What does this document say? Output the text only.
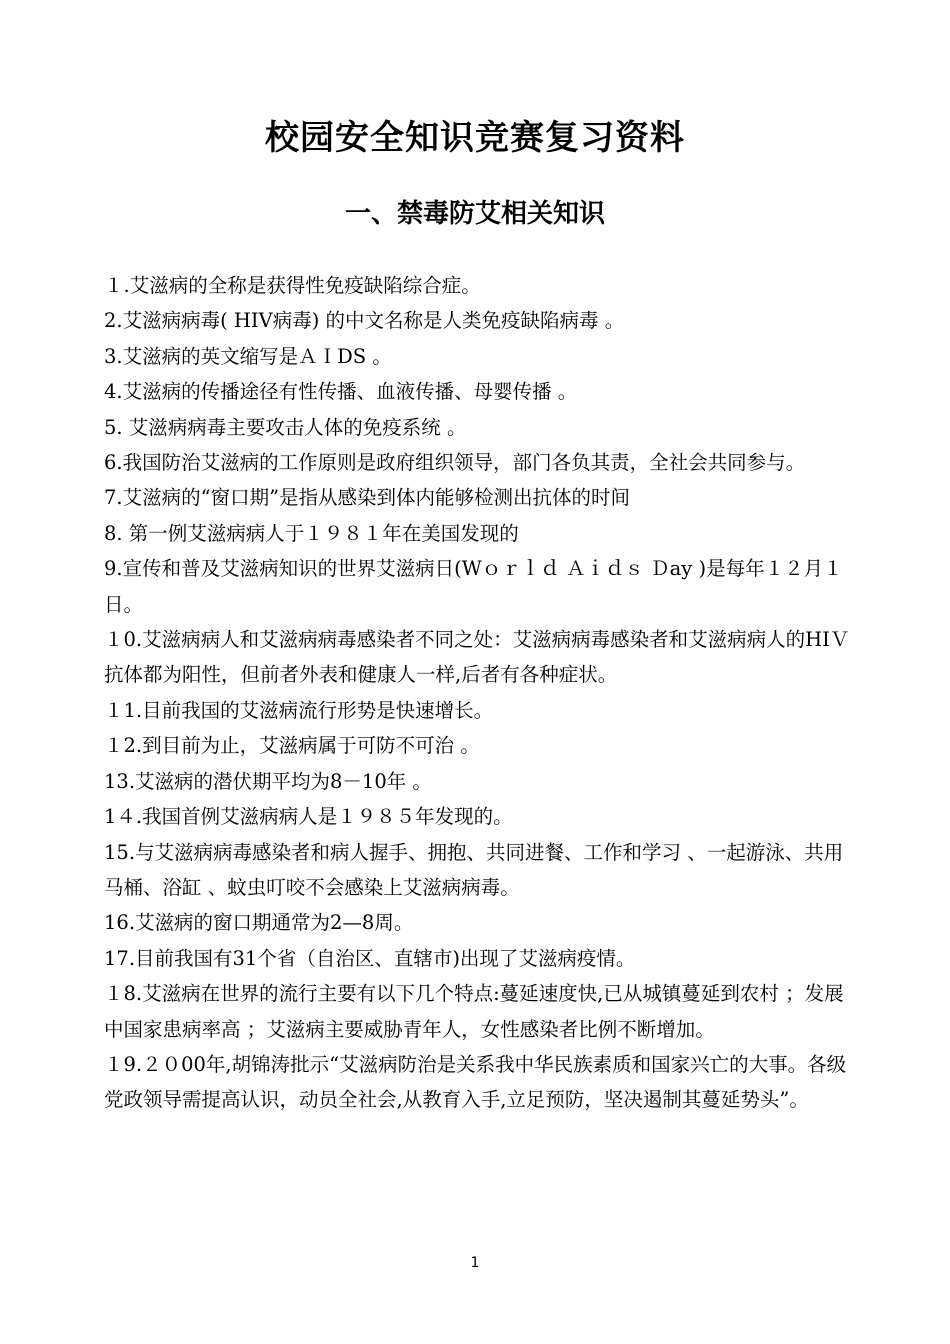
校园安全知识竞赛复习资料
一、禁毒防艾相关知识
１.艾滋病的全称是获得性免疫缺陷综合症。
2.艾滋病病毒( HIV病毒) 的中文名称是人类免疫缺陷病毒 。
3.艾滋病的英文缩写是ＡＩDS 。
4.艾滋病的传播途径有性传播、血液传播、母婴传播 。
5. 艾滋病病毒主要攻击人体的免疫系统 。
6.我国防治艾滋病的工作原则是政府组织领导，部门各负其责，全社会共同参与。
7.艾滋病的“窗口期”是指从感染到体内能够检测出抗体的时间
8. 第一例艾滋病病人于１９８１年在美国发现的
9.宣传和普及艾滋病知识的世界艾滋病日(Wｏｒｌｄ Ａｉｄｓ Ｄay )是每年１２月１日。
１0.艾滋病病人和艾滋病病毒感染者不同之处：艾滋病病毒感染者和艾滋病病人的HIＶ抗体都为阳性，但前者外表和健康人一样,后者有各种症状。
１1.目前我国的艾滋病流行形势是快速增长。
１2.到目前为止，艾滋病属于可防不可治 。
13.艾滋病的潜伏期平均为8－10年 。
1４.我国首例艾滋病病人是１９８５年发现的。
15.与艾滋病病毒感染者和病人握手、拥抱、共同进餐、工作和学习 、一起游泳、共用马桶、浴缸 、蚊虫叮咬不会感染上艾滋病病毒。
16.艾滋病的窗口期通常为2—8周。
17.目前我国有31个省（自治区、直辖市)出现了艾滋病疫情。
１8.艾滋病在世界的流行主要有以下几个特点:蔓延速度快,已从城镇蔓延到农村 ；发展中国家患病率高 ；艾滋病主要威胁青年人，女性感染者比例不断增加。
１9.２０00年,胡锦涛批示“艾滋病防治是关系我中华民族素质和国家兴亡的大事。各级党政领导需提高认识，动员全社会,从教育入手,立足预防，坚决遏制其蔓延势头”。
1
